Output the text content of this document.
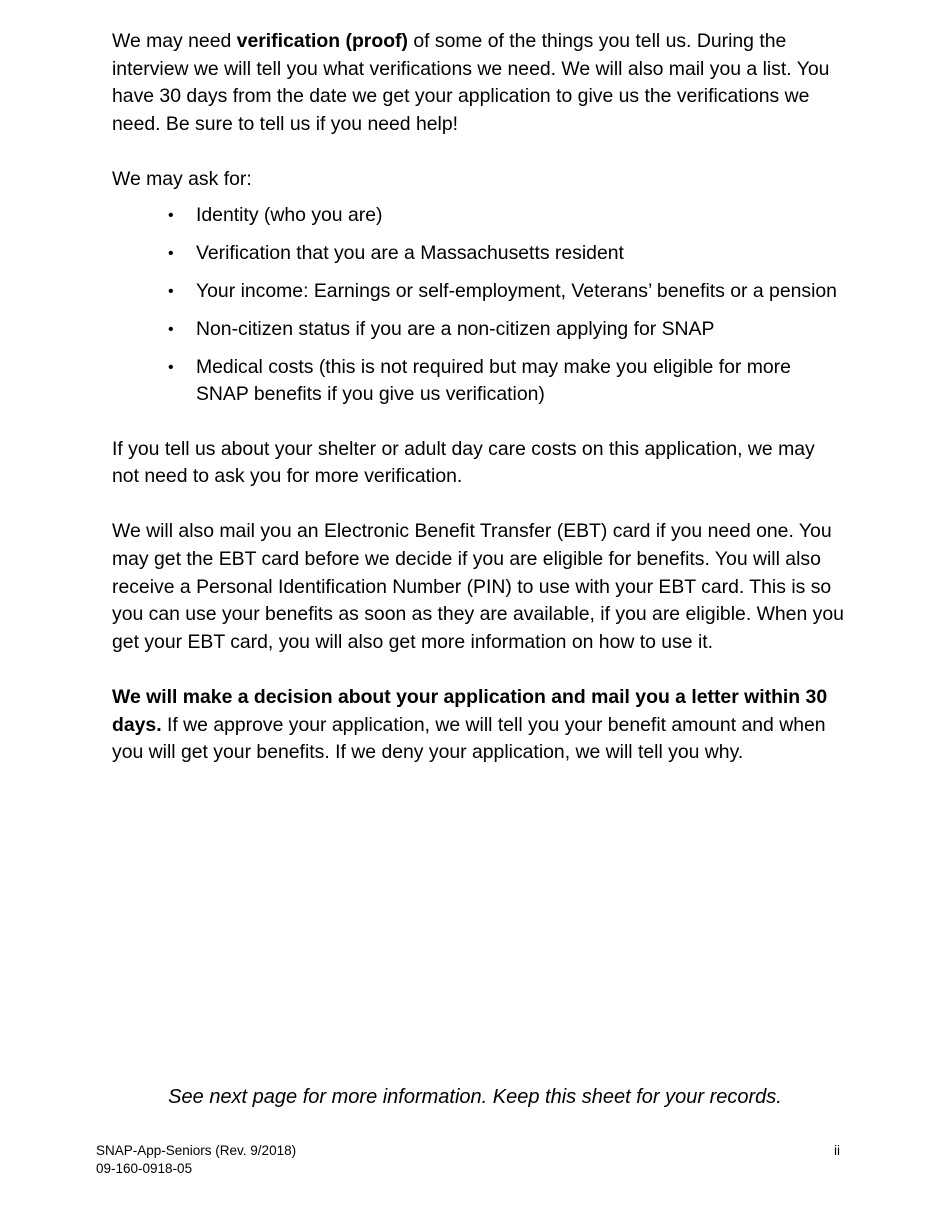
We may need verification (proof) of some of the things you tell us. During the interview we will tell you what verifications we need. We will also mail you a list. You have 30 days from the date we get your application to give us the verifications we need. Be sure to tell us if you need help!

We may ask for:
• Identity (who you are)
• Verification that you are a Massachusetts resident
• Your income: Earnings or self-employment, Veterans’ benefits or a pension
• Non-citizen status if you are a non-citizen applying for SNAP
• Medical costs (this is not required but may make you eligible for more SNAP benefits if you give us verification)

If you tell us about your shelter or adult day care costs on this application, we may not need to ask you for more verification.

We will also mail you an Electronic Benefit Transfer (EBT) card if you need one. You may get the EBT card before we decide if you are eligible for benefits. You will also receive a Personal Identification Number (PIN) to use with your EBT card. This is so you can use your benefits as soon as they are available, if you are eligible. When you get your EBT card, you will also get more information on how to use it.

We will make a decision about your application and mail you a letter within 30 days. If we approve your application, we will tell you your benefit amount and when you will get your benefits. If we deny your application, we will tell you why.

See next page for more information. Keep this sheet for your records.
SNAP-App-Seniors (Rev. 9/2018)
09-160-0918-05
ii
